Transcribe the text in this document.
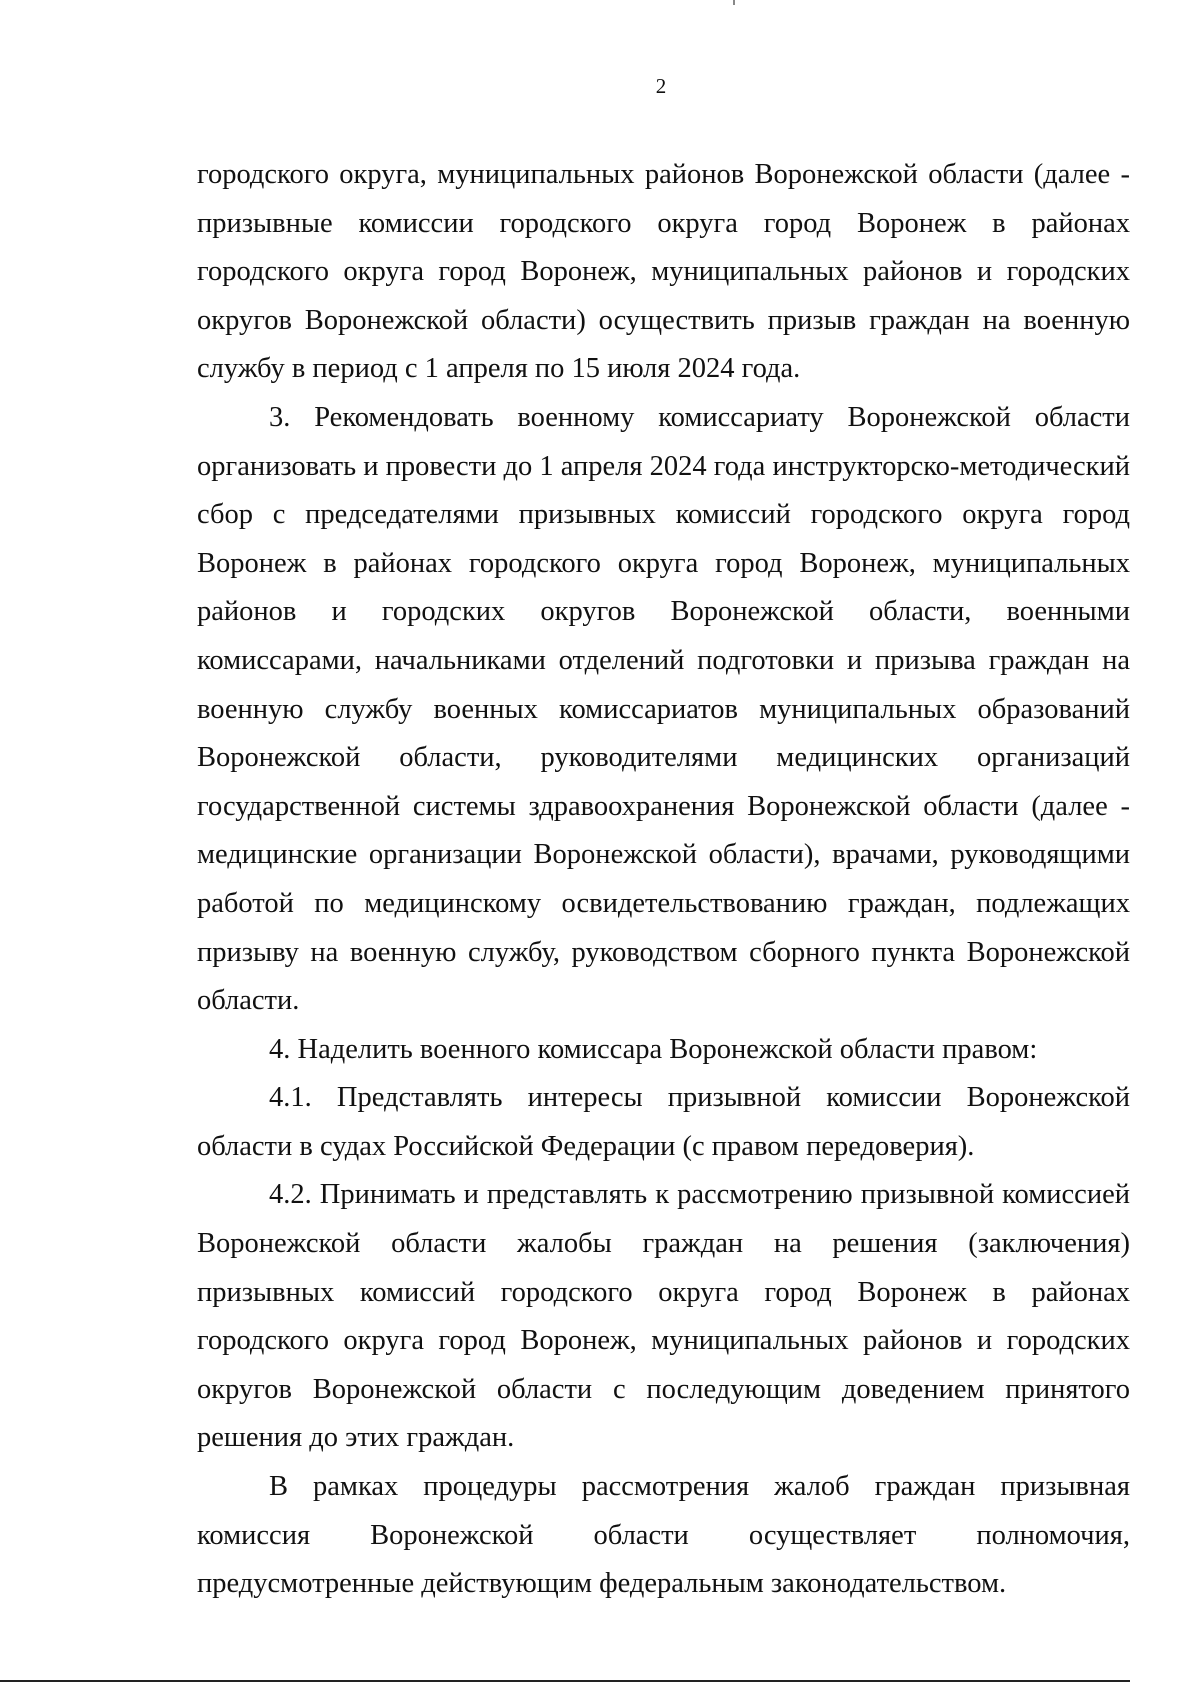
2

городского округа, муниципальных районов Воронежской области (далее - призывные комиссии городского округа город Воронеж в районах городского округа город Воронеж, муниципальных районов и городских округов Воронежской области) осуществить призыв граждан на военную службу в период с 1 апреля по 15 июля 2024 года.

3. Рекомендовать военному комиссариату Воронежской области организовать и провести до 1 апреля 2024 года инструкторско-методический сбор с председателями призывных комиссий городского округа город Воронеж в районах городского округа город Воронеж, муниципальных районов и городских округов Воронежской области, военными комиссарами, начальниками отделений подготовки и призыва граждан на военную службу военных комиссариатов муниципальных образований Воронежской области, руководителями медицинских организаций государственной системы здравоохранения Воронежской области (далее - медицинские организации Воронежской области), врачами, руководящими работой по медицинскому освидетельствованию граждан, подлежащих призыву на военную службу, руководством сборного пункта Воронежской области.

4. Наделить военного комиссара Воронежской области правом:

4.1. Представлять интересы призывной комиссии Воронежской области в судах Российской Федерации (с правом передоверия).

4.2. Принимать и представлять к рассмотрению призывной комиссией Воронежской области жалобы граждан на решения (заключения) призывных комиссий городского округа город Воронеж в районах городского округа город Воронеж, муниципальных районов и городских округов Воронежской области с последующим доведением принятого решения до этих граждан.

В рамках процедуры рассмотрения жалоб граждан призывная комиссия Воронежской области осуществляет полномочия,

предусмотренные действующим федеральным законодательством.
